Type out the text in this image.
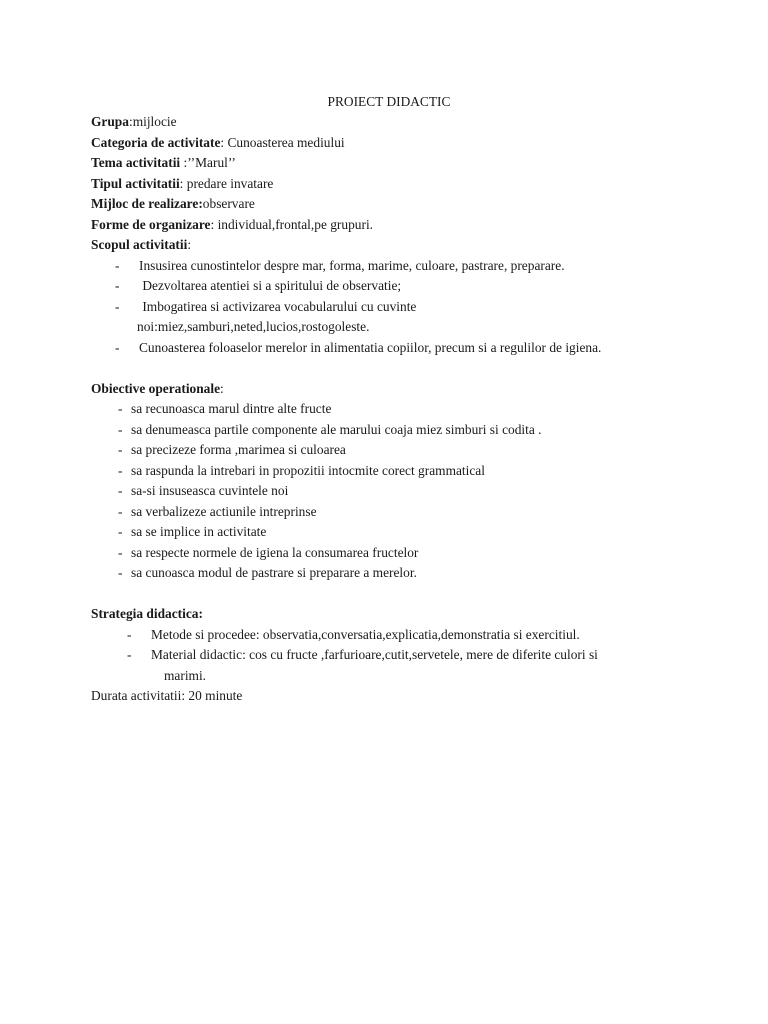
PROIECT DIDACTIC
Grupa:mijlocie
Categoria de activitate: Cunoasterea mediului
Tema activitatii :’’Marul’’
Tipul activitatii: predare invatare
Mijloc de realizare:observare
Forme de organizare: individual,frontal,pe grupuri.
Scopul activitatii:
- Insusirea cunostintelor despre mar, forma, marime, culoare, pastrare, preparare.
- Dezvoltarea atentiei si a spiritului de observatie;
- Imbogatirea si activizarea vocabularului cu cuvinte
noi:miez,samburi,neted,lucios,rostogoleste.
- Cunoasterea foloaselor merelor in alimentatia copiilor, precum si a regulilor de igiena.
Obiective operationale:
- sa recunoasca marul dintre alte fructe
- sa denumeasca partile componente ale marului coaja miez simburi si codita .
- sa precizeze forma ,marimea si culoarea
- sa raspunda la intrebari in propozitii intocmite corect grammatical
- sa-si insuseasca cuvintele noi
- sa verbalizeze actiunile intreprinse
- sa se implice in activitate
- sa respecte normele de igiena la consumarea fructelor
- sa cunoasca modul de pastrare si preparare a merelor.
Strategia didactica:
- Metode si procedee: observatia,conversatia,explicatia,demonstratia si exercitiul.
- Material didactic: cos cu fructe ,farfurioare,cutit,servetele, mere de diferite culori si
marimi.
Durata activitatii: 20 minute
